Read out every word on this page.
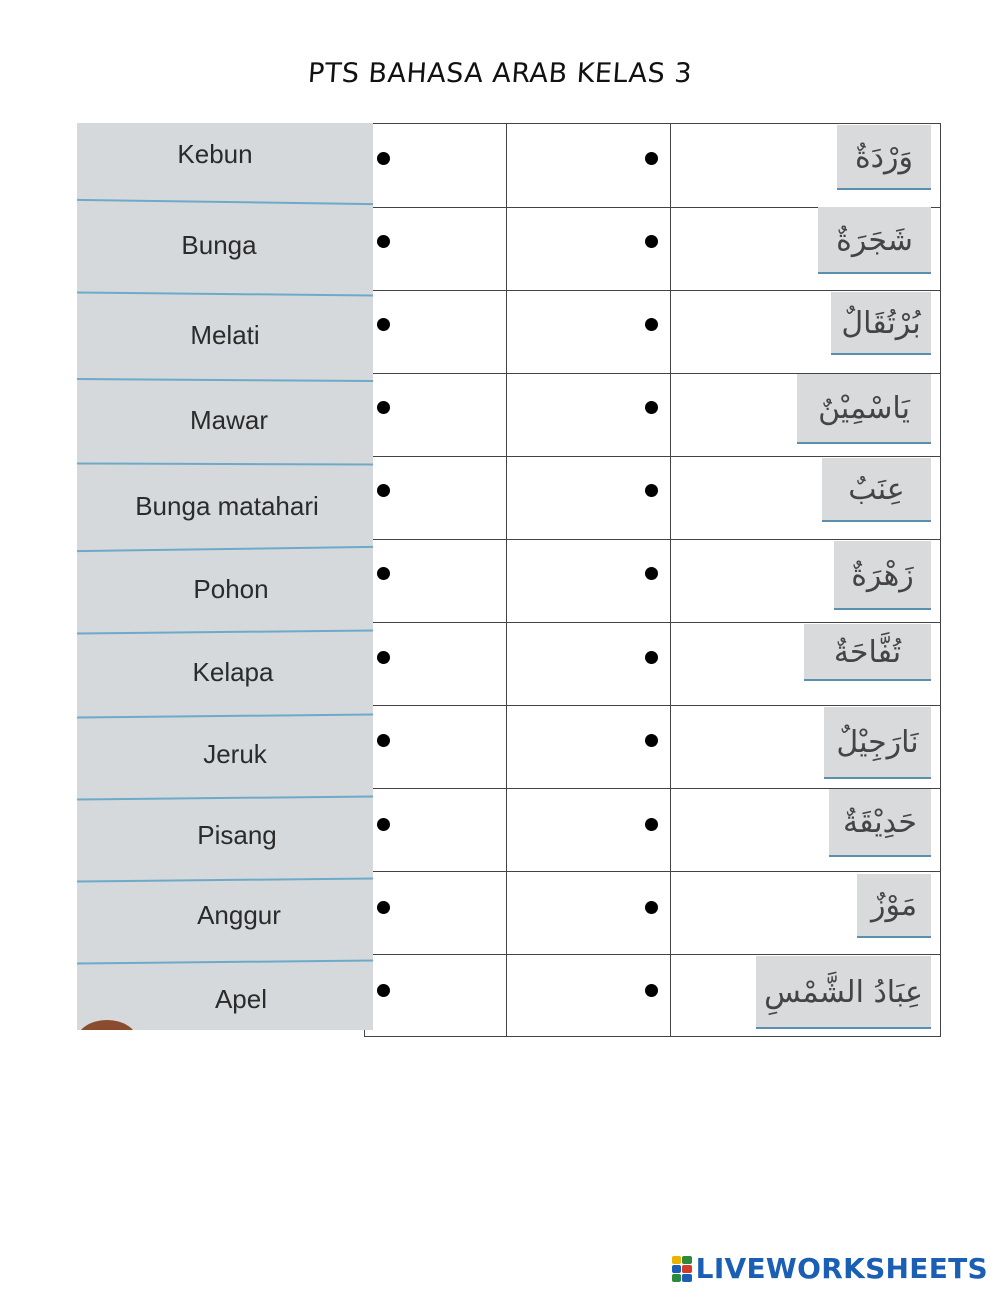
PTS BAHASA ARAB KELAS 3
Kebun
Bunga
Melati
Mawar
Bunga matahari
Pohon
Kelapa
Jeruk
Pisang
Anggur
Apel
وَرْدَةٌ
شَجَرَةٌ
بُرْتُقَالٌ
يَاسْمِيْنٌ
عِنَبٌ
زَهْرَةٌ
تُفَّاحَةٌ
نَارَجِيْلٌ
حَدِيْقَةٌ
مَوْزٌ
عِبَادُ الشَّمْسِ
LIVEWORKSHEETS
